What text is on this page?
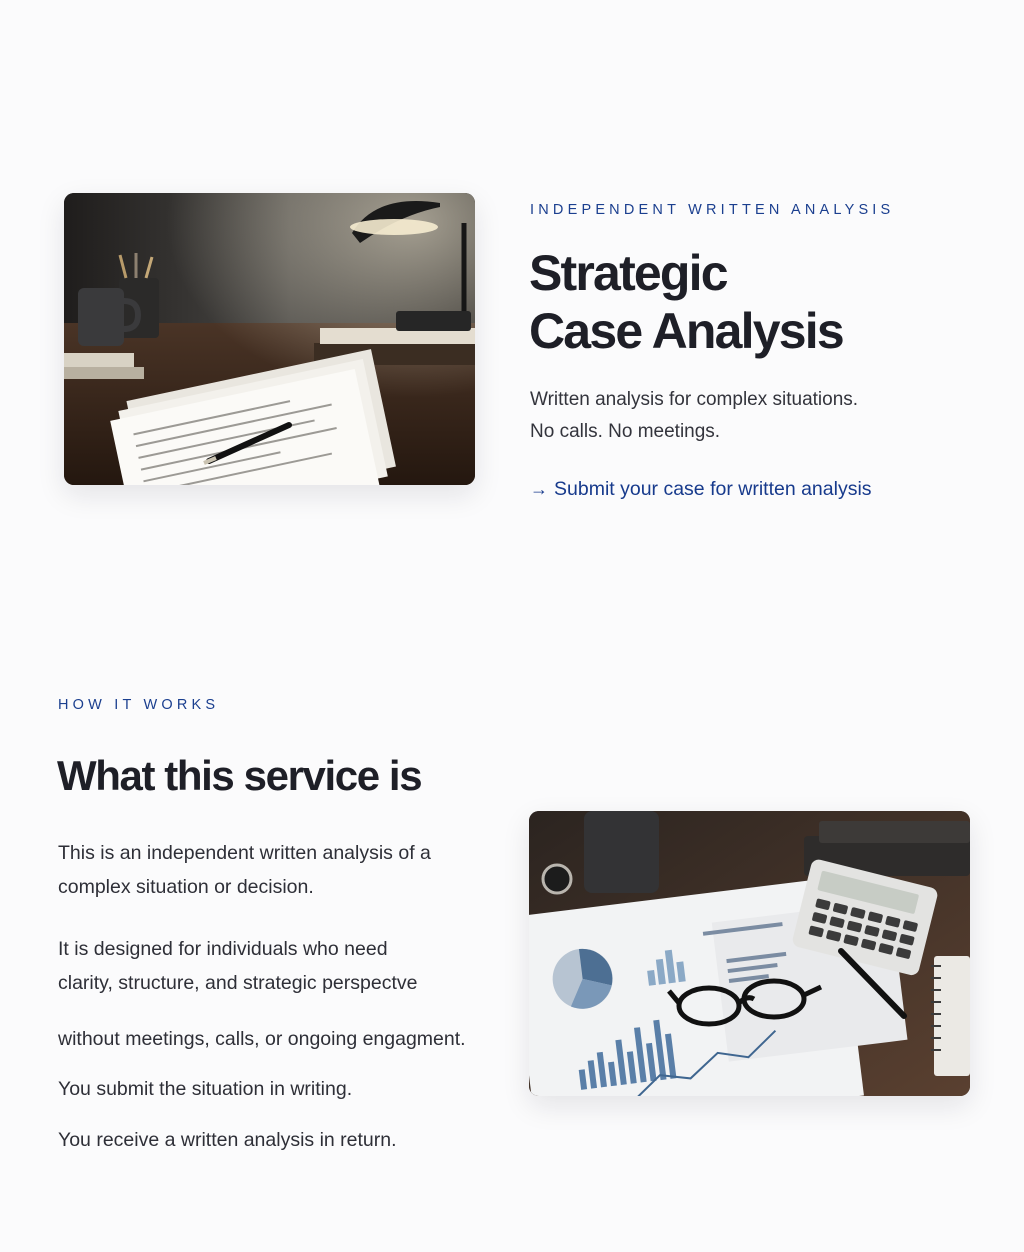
INDEPENDENT WRITTEN ANALYSIS
Strategic
Case Analysis

Written analysis for complex situations.
No calls. No meetings.

→ Submit your case for written analysis
HOW IT WORKS
What this service is

This is an independent written analysis of a
complex situation or decision.

It is designed for individuals who need
clarity, structure, and strategic perspectve

without meetings, calls, or ongoing engagment.

You submit the situation in writing.

You receive a written analysis in return.
